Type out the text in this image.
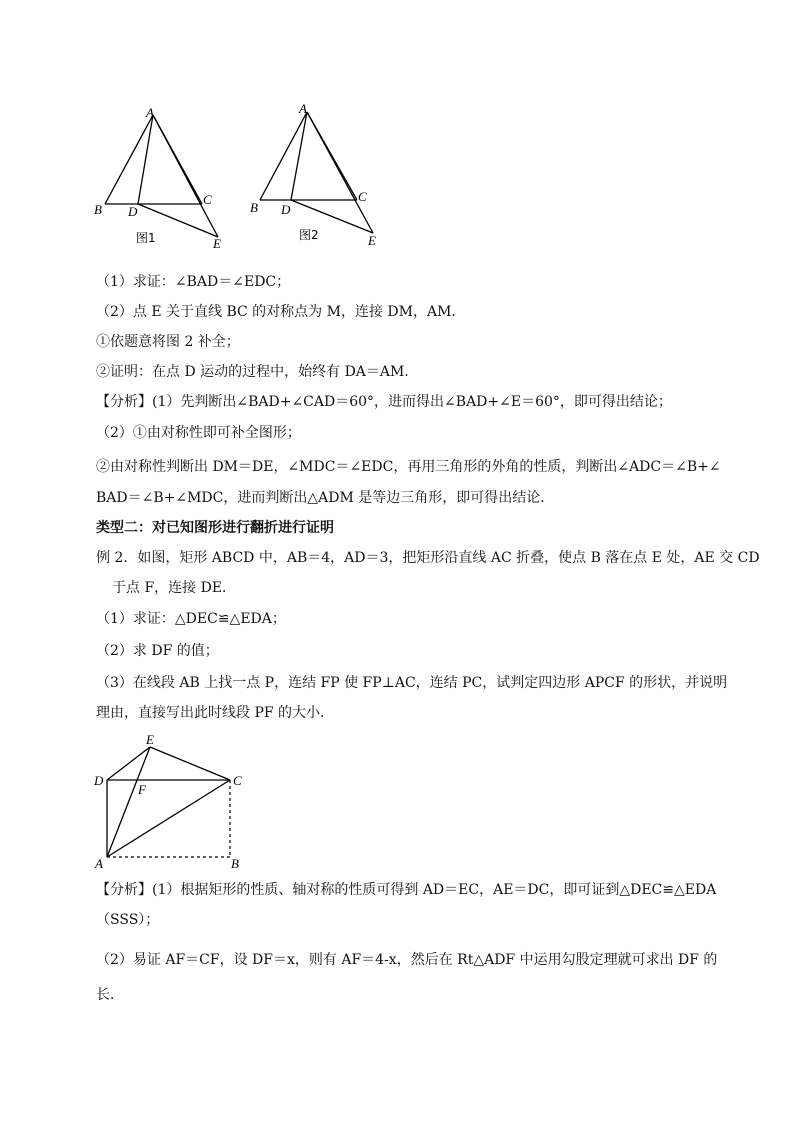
A
B D
C
E
图1
A
B D
C
E
图2
（1）求证：∠BAD＝∠EDC；
（2）点 E 关于直线 BC 的对称点为 M，连接 DM，AM．
①依题意将图 2 补全；
②证明：在点 D 运动的过程中，始终有 DA＝AM．
【分析】(1）先判断出∠BAD+∠CAD＝60°，进而得出∠BAD+∠E＝60°，即可得出结论；
（2）①由对称性即可补全图形；
②由对称性判断出 DM＝DE，∠MDC＝∠EDC，再用三角形的外角的性质，判断出∠ADC＝∠B+∠
BAD＝∠B+∠MDC，进而判断出△ADM 是等边三角形，即可得出结论．
类型二：对已知图形进行翻折进行证明
例 2．如图，矩形 ABCD 中，AB＝4，AD＝3，把矩形沿直线 AC 折叠，使点 B 落在点 E 处，AE 交 CD
于点 F，连接 DE．
（1）求证：△DEC≌△EDA；
（2）求 DF 的值；
（3）在线段 AB 上找一点 P，连结 FP 使 FP⊥AC，连结 PC，试判定四边形 APCF 的形状，并说明
理由，直接写出此时线段 PF 的大小．
E
D	C
F
A	B
【分析】(1）根据矩形的性质、轴对称的性质可得到 AD＝EC，AE＝DC，即可证到△DEC≌△EDA
（SSS）；
（2）易证 AF＝CF，设 DF＝x，则有 AF＝4-x，然后在 Rt△ADF 中运用勾股定理就可求出 DF 的
长．
